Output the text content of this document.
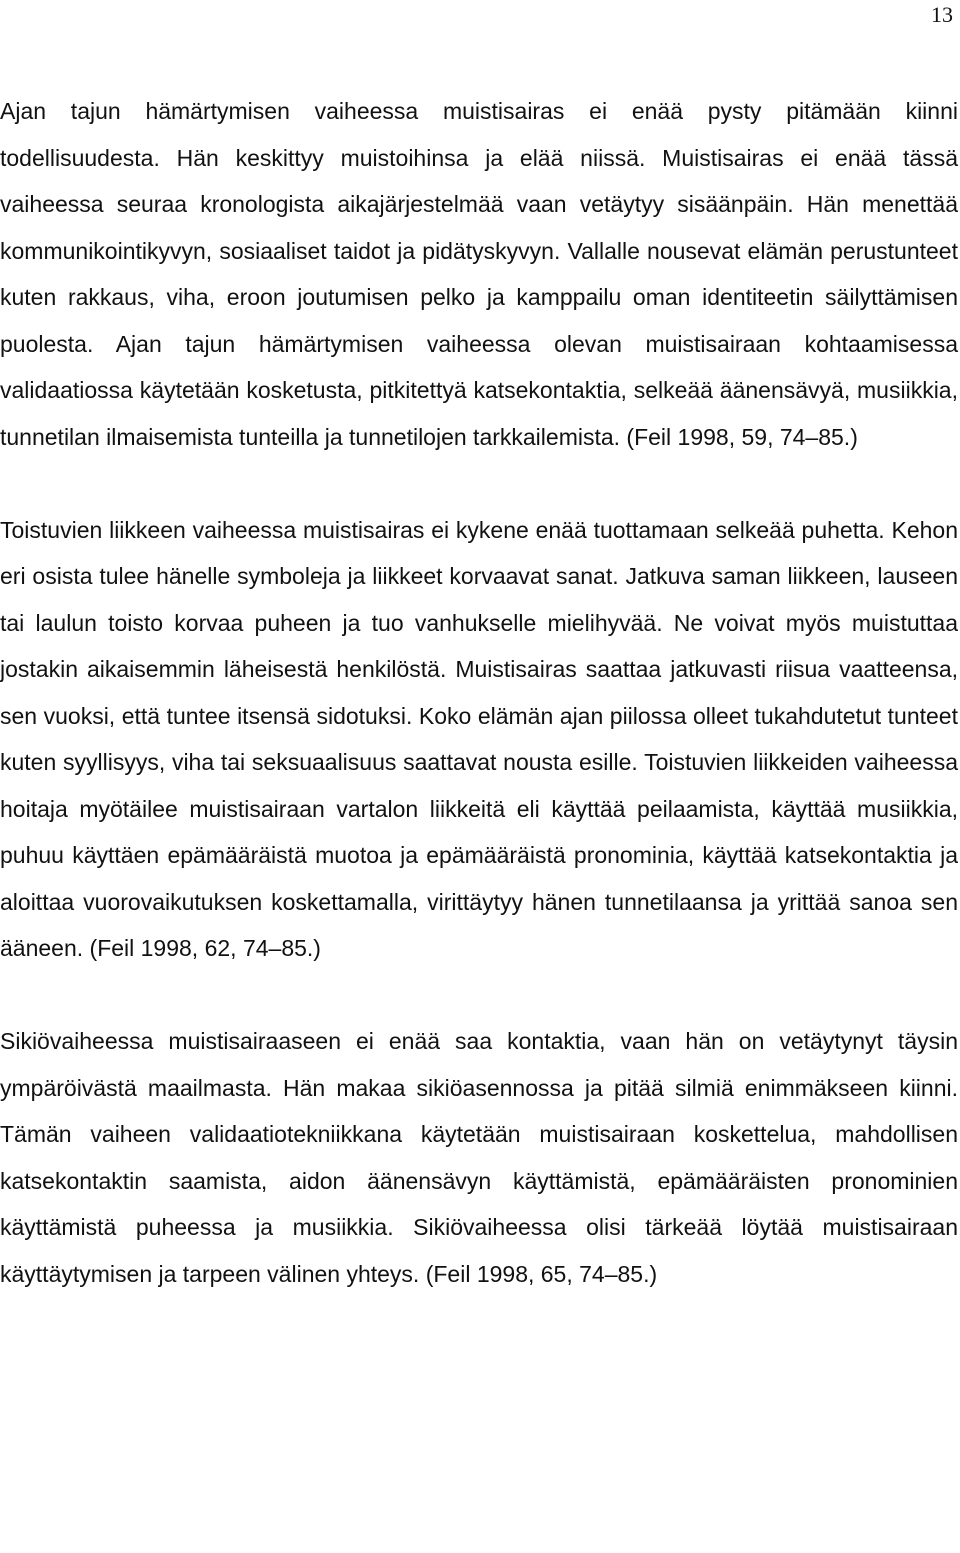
13

Ajan tajun hämärtymisen vaiheessa muistisairas ei enää pysty pitämään kiinni todellisuudesta. Hän keskittyy muistoihinsa ja elää niissä. Muistisairas ei enää tässä vaiheessa seuraa kronologista aikajärjestelmää vaan vetäytyy sisäänpäin. Hän menettää kommunikointikyvyn, sosiaaliset taidot ja pidätyskyvyn. Vallalle nousevat elämän perustunteet kuten rakkaus, viha, eroon joutumisen pelko ja kamppailu oman identiteetin säilyttämisen puolesta. Ajan tajun hämärtymisen vaiheessa olevan muistisairaan kohtaamisessa validaatiossa käytetään kosketusta, pitkitettyä katsekontaktia, selkeää äänensävyä, musiikkia, tunnetilan ilmaisemista tunteilla ja tunnetilojen tarkkailemista. (Feil 1998, 59, 74–85.)

Toistuvien liikkeen vaiheessa muistisairas ei kykene enää tuottamaan selkeää puhetta. Kehon eri osista tulee hänelle symboleja ja liikkeet korvaavat sanat. Jatkuva saman liikkeen, lauseen tai laulun toisto korvaa puheen ja tuo vanhukselle mielihyvää. Ne voivat myös muistuttaa jostakin aikaisemmin läheisestä henkilöstä. Muistisairas saattaa jatkuvasti riisua vaatteensa, sen vuoksi, että tuntee itsensä sidotuksi. Koko elämän ajan piilossa olleet tukahdutetut tunteet kuten syyllisyys, viha tai seksuaalisuus saattavat nousta esille. Toistuvien liikkeiden vaiheessa hoitaja myötäilee muistisairaan vartalon liikkeitä eli käyttää peilaamista, käyttää musiikkia, puhuu käyttäen epämääräistä muotoa ja epämääräistä pronominia, käyttää katsekontaktia ja aloittaa vuorovaikutuksen koskettamalla, virittäytyy hänen tunnetilaansa ja yrittää sanoa sen ääneen. (Feil 1998, 62, 74–85.)

Sikiövaiheessa muistisairaaseen ei enää saa kontaktia, vaan hän on vetäytynyt täysin ympäröivästä maailmasta. Hän makaa sikiöasennossa ja pitää silmiä enimmäkseen kiinni. Tämän vaiheen validaatiotekniikkana käytetään muistisairaan koskettelua, mahdollisen katsekontaktin saamista, aidon äänensävyn käyttämistä, epämääräisten pronominien käyttämistä puheessa ja musiikkia. Sikiövaiheessa olisi tärkeää löytää muistisairaan käyttäytymisen ja tarpeen välinen yhteys. (Feil 1998, 65, 74–85.)
